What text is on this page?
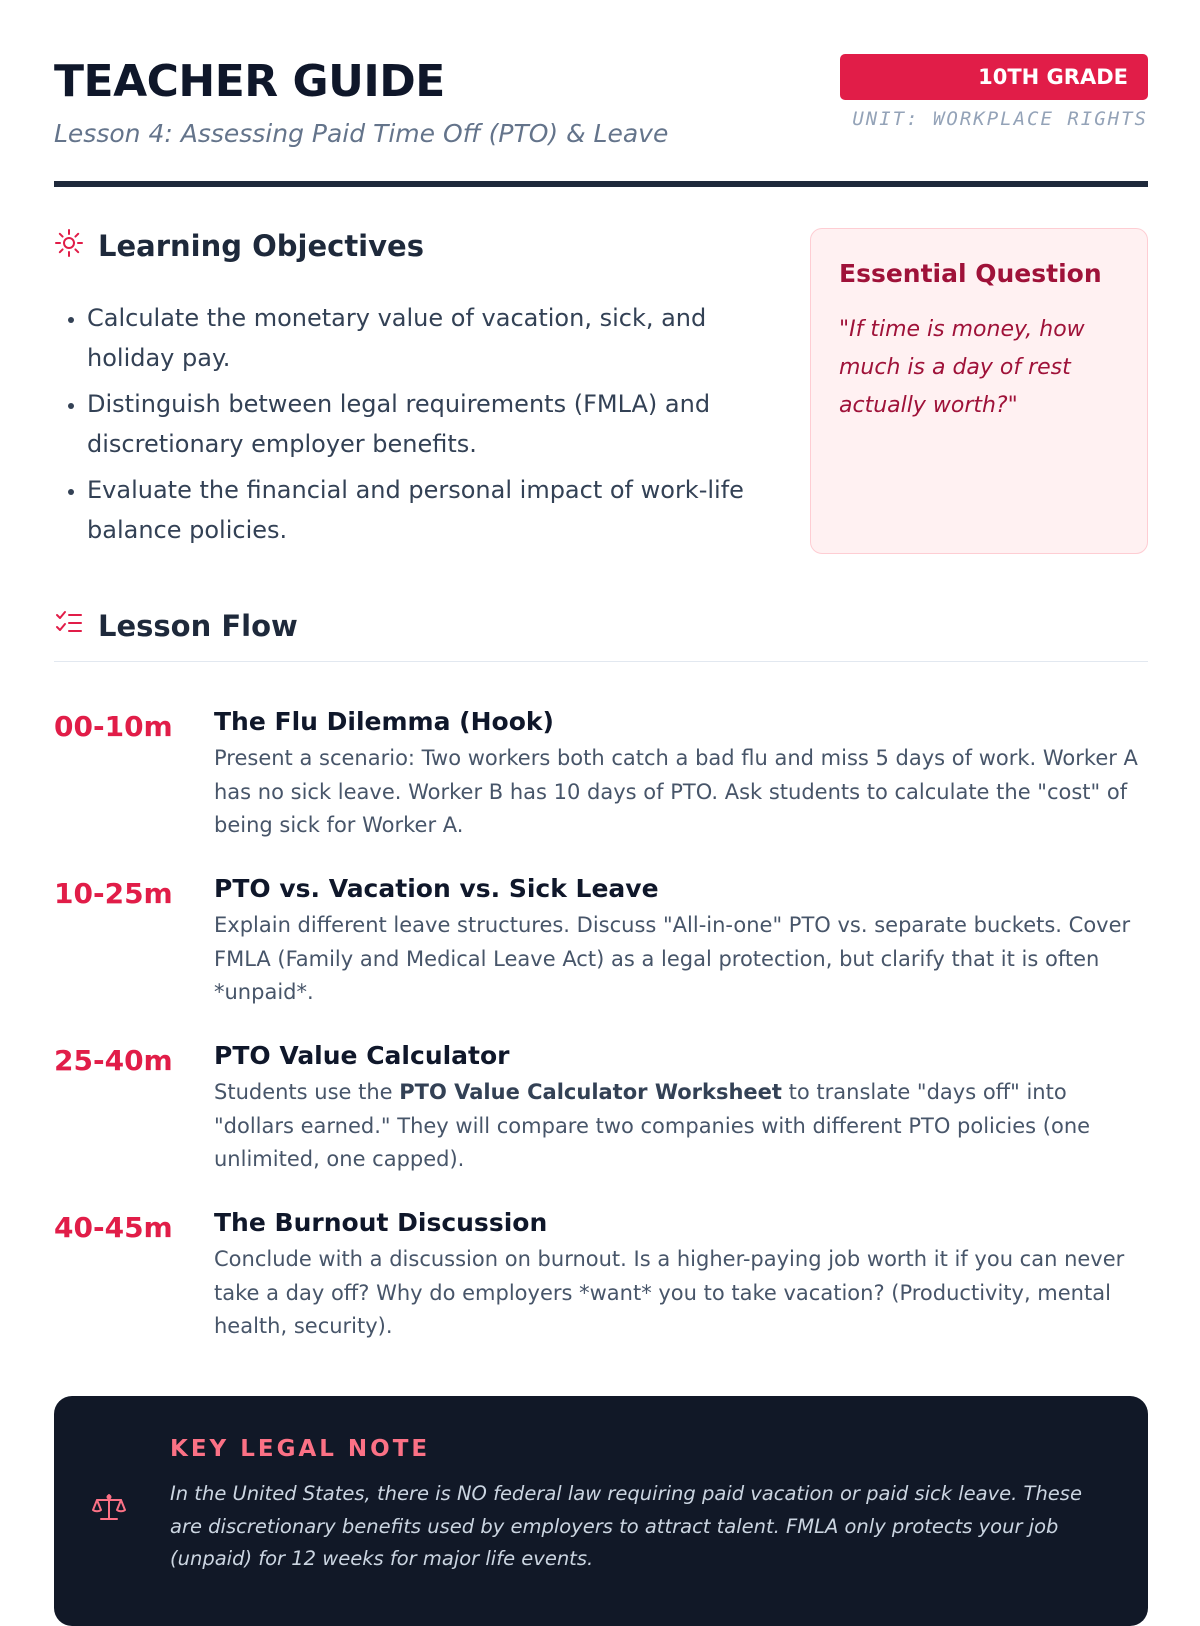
TEACHER GUIDE
Lesson 4: Assessing Paid Time Off (PTO) & Leave
10TH GRADE
UNIT: WORKPLACE RIGHTS
Learning Objectives
• Calculate the monetary value of vacation, sick, and holiday pay.
• Distinguish between legal requirements (FMLA) and discretionary employer benefits.
• Evaluate the financial and personal impact of work-life balance policies.
Essential Question
"If time is money, how much is a day of rest actually worth?"
Lesson Flow
00-10m The Flu Dilemma (Hook)
Present a scenario: Two workers both catch a bad flu and miss 5 days of work. Worker A has no sick leave. Worker B has 10 days of PTO. Ask students to calculate the "cost" of being sick for Worker A.
10-25m PTO vs. Vacation vs. Sick Leave
Explain different leave structures. Discuss "All-in-one" PTO vs. separate buckets. Cover FMLA (Family and Medical Leave Act) as a legal protection, but clarify that it is often *unpaid*.
25-40m PTO Value Calculator
Students use the PTO Value Calculator Worksheet to translate "days off" into "dollars earned." They will compare two companies with different PTO policies (one unlimited, one capped).
40-45m The Burnout Discussion
Conclude with a discussion on burnout. Is a higher-paying job worth it if you can never take a day off? Why do employers *want* you to take vacation? (Productivity, mental health, security).
KEY LEGAL NOTE
In the United States, there is NO federal law requiring paid vacation or paid sick leave. These are discretionary benefits used by employers to attract talent. FMLA only protects your job (unpaid) for 12 weeks for major life events.
